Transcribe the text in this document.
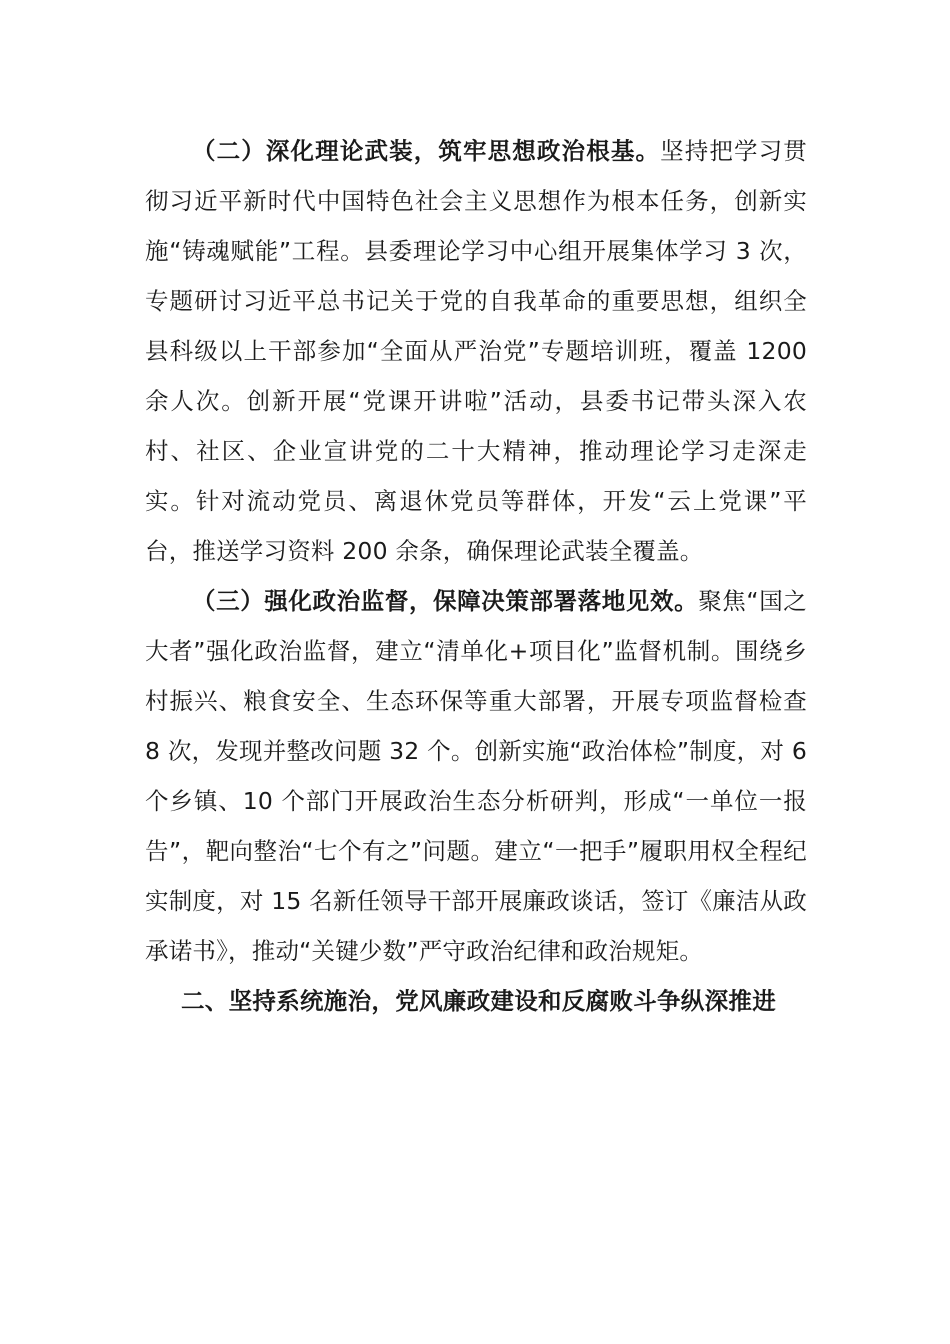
（二）深化理论武装，筑牢思想政治根基。坚持把学习贯彻习近平新时代中国特色社会主义思想作为根本任务，创新实施“铸魂赋能”工程。县委理论学习中心组开展集体学习 3 次，专题研讨习近平总书记关于党的自我革命的重要思想，组织全县科级以上干部参加“全面从严治党”专题培训班，覆盖 1200 余人次。创新开展“党课开讲啦”活动，县委书记带头深入农村、社区、企业宣讲党的二十大精神，推动理论学习走深走实。针对流动党员、离退休党员等群体，开发“云上党课”平台，推送学习资料 200 余条，确保理论武装全覆盖。

（三）强化政治监督，保障决策部署落地见效。聚焦“国之大者”强化政治监督，建立“清单化+项目化”监督机制。围绕乡村振兴、粮食安全、生态环保等重大部署，开展专项监督检查 8 次，发现并整改问题 32 个。创新实施“政治体检”制度，对 6 个乡镇、10 个部门开展政治生态分析研判，形成“一单位一报告”，靶向整治“七个有之”问题。建立“一把手”履职用权全程纪实制度，对 15 名新任领导干部开展廉政谈话，签订《廉洁从政承诺书》，推动“关键少数”严守政治纪律和政治规矩。

二、坚持系统施治，党风廉政建设和反腐败斗争纵深推进
